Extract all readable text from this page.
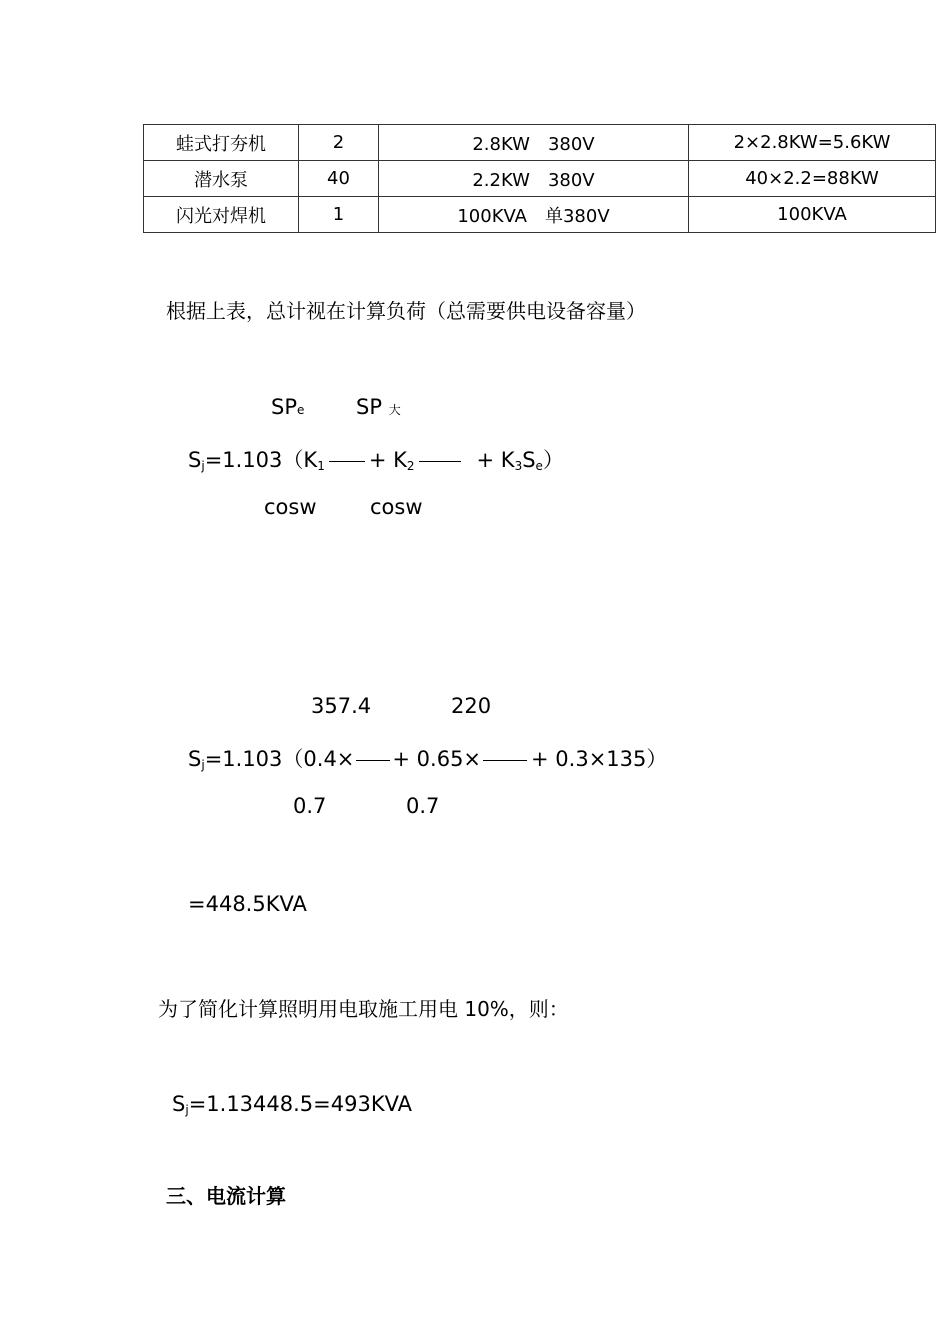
蛙式打夯机	2	2.8KW　380V	2×2.8KW=5.6KW
潜水泵	40	2.2KW　380V	40×2.2=88KW
闪光对焊机	1	100KVA　单380V	100KVA
根据上表，总计视在计算负荷（总需要供电设备容量）
SPe SP 大
$S_j=1.103(K_1 + K_2$	+ $K_3S_e$）
cosw	cosw
357.4	220
$S_j=1.103(0.4\times + 0.65\times + 0.3\times 135)$
0.7	0.7
=448.5KVA
为了简化计算照明用电取施工用电 10%，则：
$S_j=1.13448.5=493KVA$
三、电流计算
